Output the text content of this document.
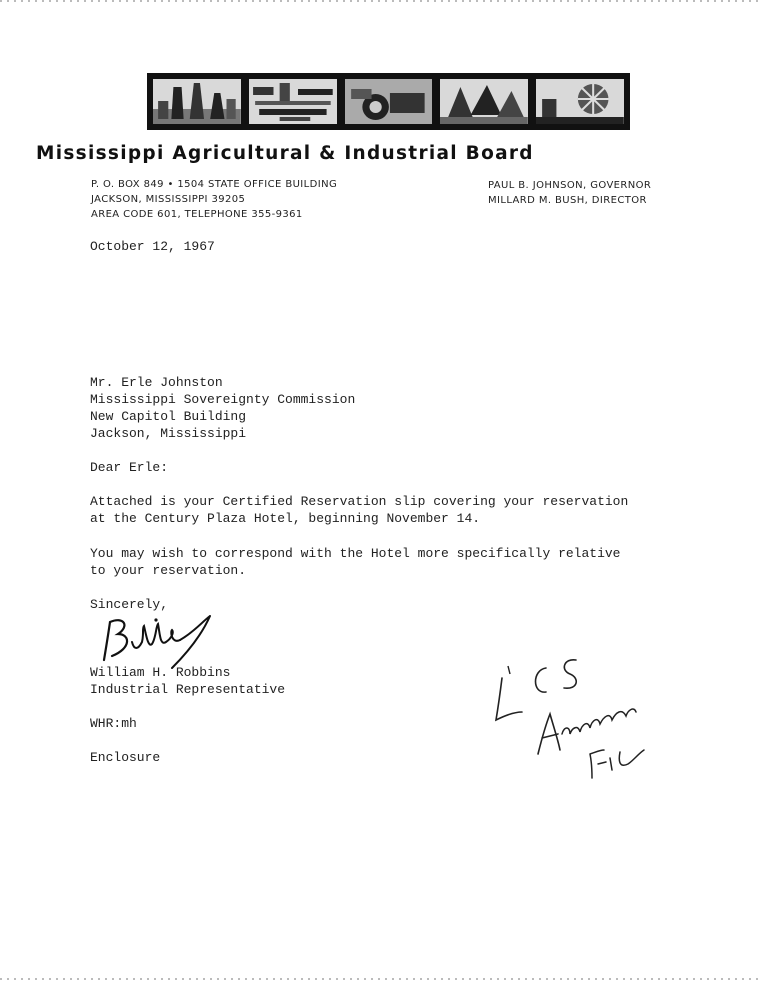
Mississippi Agricultural & Industrial Board
P. O. BOX 849 • 1504 STATE OFFICE BUILDING
JACKSON, MISSISSIPPI 39205
AREA CODE 601, TELEPHONE 355-9361
PAUL B. JOHNSON, GOVERNOR
MILLARD M. BUSH, DIRECTOR
October 12, 1967
Mr. Erle Johnston
Mississippi Sovereignty Commission
New Capitol Building
Jackson, Mississippi
Dear Erle:
Attached is your Certified Reservation slip covering your reservation
at the Century Plaza Hotel, beginning November 14.
You may wish to correspond with the Hotel more specifically relative
to your reservation.
Sincerely,
William H. Robbins
Industrial Representative
WHR:mh
Enclosure
